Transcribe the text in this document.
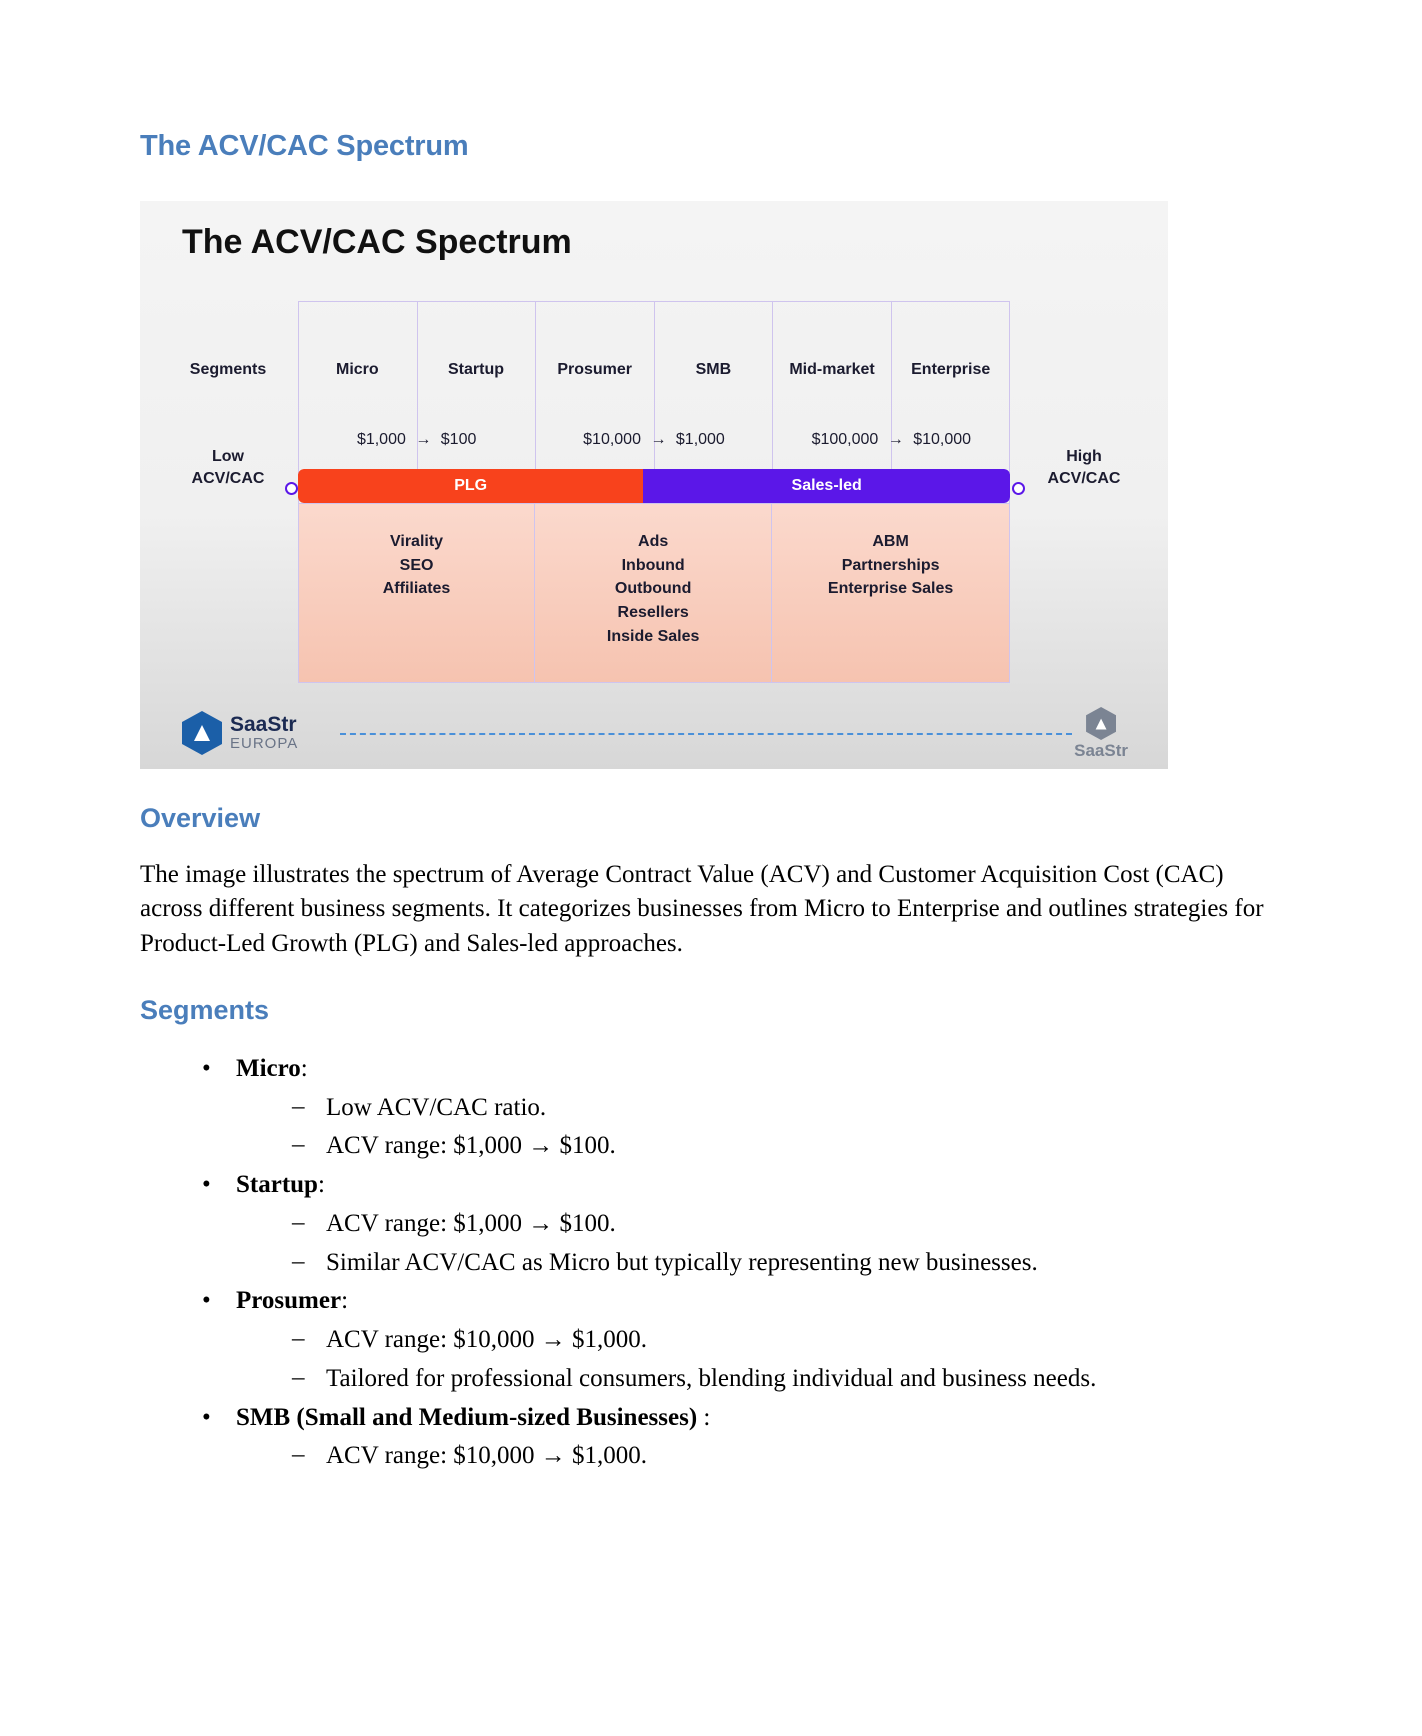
The ACV/CAC Spectrum
The ACV/CAC Spectrum
Segments
Low
ACV/CAC
High
ACV/CAC
Micro	Startup	Prosumer	SMB	Mid-market	Enterprise
$1,000 → $100	$10,000 → $1,000	$100,000 → $10,000
PLG	Sales-led
Virality
SEO
Affiliates
Ads
Inbound
Outbound
Resellers
Inside Sales
ABM
Partnerships
Enterprise Sales
SaaStr
EUROPA	SaaStr
Overview

The image illustrates the spectrum of Average Contract Value (ACV) and Customer Acquisition Cost (CAC) across different business segments. It categorizes businesses from Micro to Enterprise and outlines strategies for Product-Led Growth (PLG) and Sales-led approaches.

Segments
• Micro:
– Low ACV/CAC ratio.
– ACV range: $1,000 → $100.
• Startup:
– ACV range: $1,000 → $100.
– Similar ACV/CAC as Micro but typically representing new businesses.
• Prosumer:
– ACV range: $10,000 → $1,000.
– Tailored for professional consumers, blending individual and business needs.
• SMB (Small and Medium-sized Businesses) :
– ACV range: $10,000 → $1,000.
